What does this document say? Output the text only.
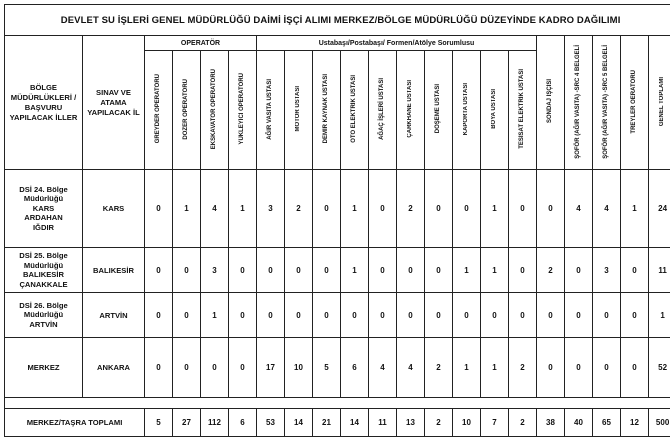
DEVLET SU İŞLERİ GENEL MÜDÜRLÜĞÜ DAİMİ İŞÇİ ALIMI MERKEZ/BÖLGE MÜDÜRLÜĞÜ DÜZEYİNDE KADRO DAĞILIMI																				
BÖLGE MÜDÜRLÜKLERİ / BAŞVURU YAPILACAK İLLER	SINAV VE ATAMA YAPILACAK İL	OPERATÖR				Ustabaşı/Postabaşı/ Formen/Atölye Sorumlusu										SONDAJ İŞÇİSİ	ŞOFÖR (AĞIR VASITA) -SRC 4 BELGELİ	ŞOFÖR (AĞIR VASITA) -SRC 5 BELGELİ	TREYLER OERATÖRÜ	GENEL TOPLAMI
		GREYDER OPERATÖRÜ	DOZER OPERATÖRÜ	EKSKAVATÖR OPERATÖRÜ	YÜKLEYİCİ OPERATÖRÜ	AĞIR VASITA USTASI	MOTOR USTASI	DEMİR KAYNAK USTASI	OTO ELEKTRİK USTASI	AĞAÇ İŞLERİ USTASI	ÇARKHANE USTASI	DÖŞEME USTASI	KAPORTA USTASI	BOYA USTASI	TESİSAT ELEKTRİK USTASI					

DSİ 24. Bölge
Müdürlüğü
KARS
ARDAHAN
IĞDIR	KARS	0	1	4	1	3	2	0	1	0	2	0	0	1	0	0	4	4	1	24

DSİ 25. Bölge
Müdürlüğü
BALIKESİR
ÇANAKKALE	BALIKESİR	0	0	3	0	0	0	0	1	0	0	0	1	1	0	2	0	3	0	11

DSİ 26. Bölge
Müdürlüğü
ARTVİN	ARTVİN	0	0	1	0	0	0	0	0	0	0	0	0	0	0	0	0	0	0	1

MERKEZ	ANKARA	0	0	0	0	17	10	5	6	4	4	2	1	1	2	0	0	0	0	52

MERKEZ/TAŞRA TOPLAMI		5	27	112	6	53	14	21	14	11	13	2	10	7	2	38	40	65	12	500
